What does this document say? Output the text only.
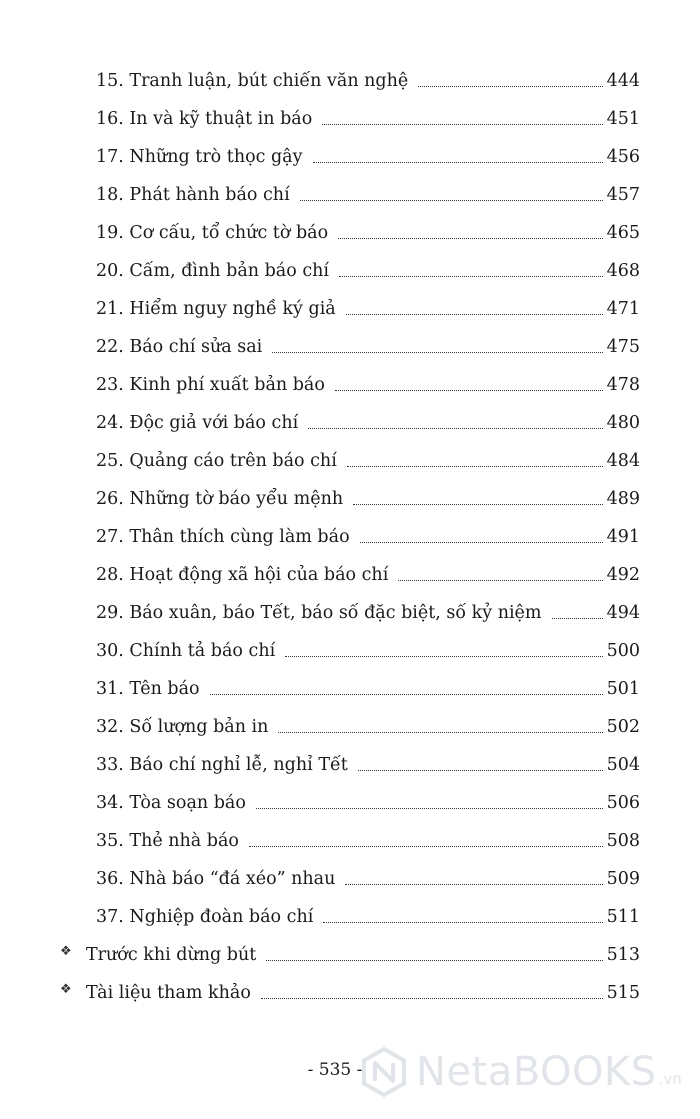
15. Tranh luận, bút chiến văn nghệ	444
16. In và kỹ thuật in báo	451
17. Những trò thọc gậy	456
18. Phát hành báo chí	457
19. Cơ cấu, tổ chức tờ báo	465
20. Cấm, đình bản báo chí	468
21. Hiểm nguy nghề ký giả	471
22. Báo chí sửa sai	475
23. Kinh phí xuất bản báo	478
24. Độc giả với báo chí	480
25. Quảng cáo trên báo chí	484
26. Những tờ báo yểu mệnh	489
27. Thân thích cùng làm báo	491
28. Hoạt động xã hội của báo chí	492
29. Báo xuân, báo Tết, báo số đặc biệt, số kỷ niệm	494
30. Chính tả báo chí	500
31. Tên báo	501
32. Số lượng bản in	502
33. Báo chí nghỉ lễ, nghỉ Tết	504
34. Tòa soạn báo	506
35. Thẻ nhà báo	508
36. Nhà báo “đá xéo” nhau	509
37. Nghiệp đoàn báo chí	511
❖ Trước khi dừng bút	513
❖ Tài liệu tham khảo	515
- 535 -	NetaBOOKS .vn
